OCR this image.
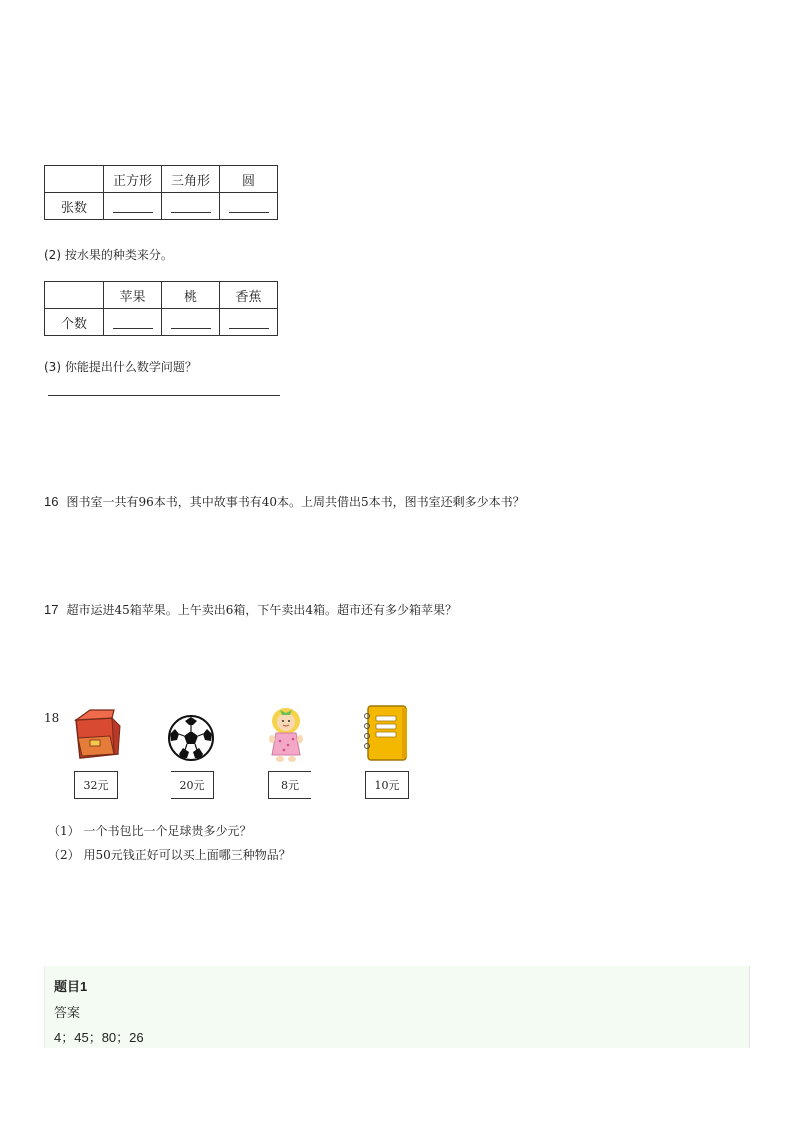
	正方形	三角形	圆
张数			
(2) 按水果的种类来分。
	苹果	桃	香蕉
个数			
(3) 你能提出什么数学问题？
16 图书室一共有96本书，其中故事书有40本。上周共借出5本书，图书室还剩多少本书？
17 超市运进45箱苹果。上午卖出6箱，下午卖出4箱。超市还有多少箱苹果？
18
32元	20元	8元	10元
（1） 一个书包比一个足球贵多少元？
（2） 用50元钱正好可以买上面哪三种物品？
题目1
答案
4；45；80；26
